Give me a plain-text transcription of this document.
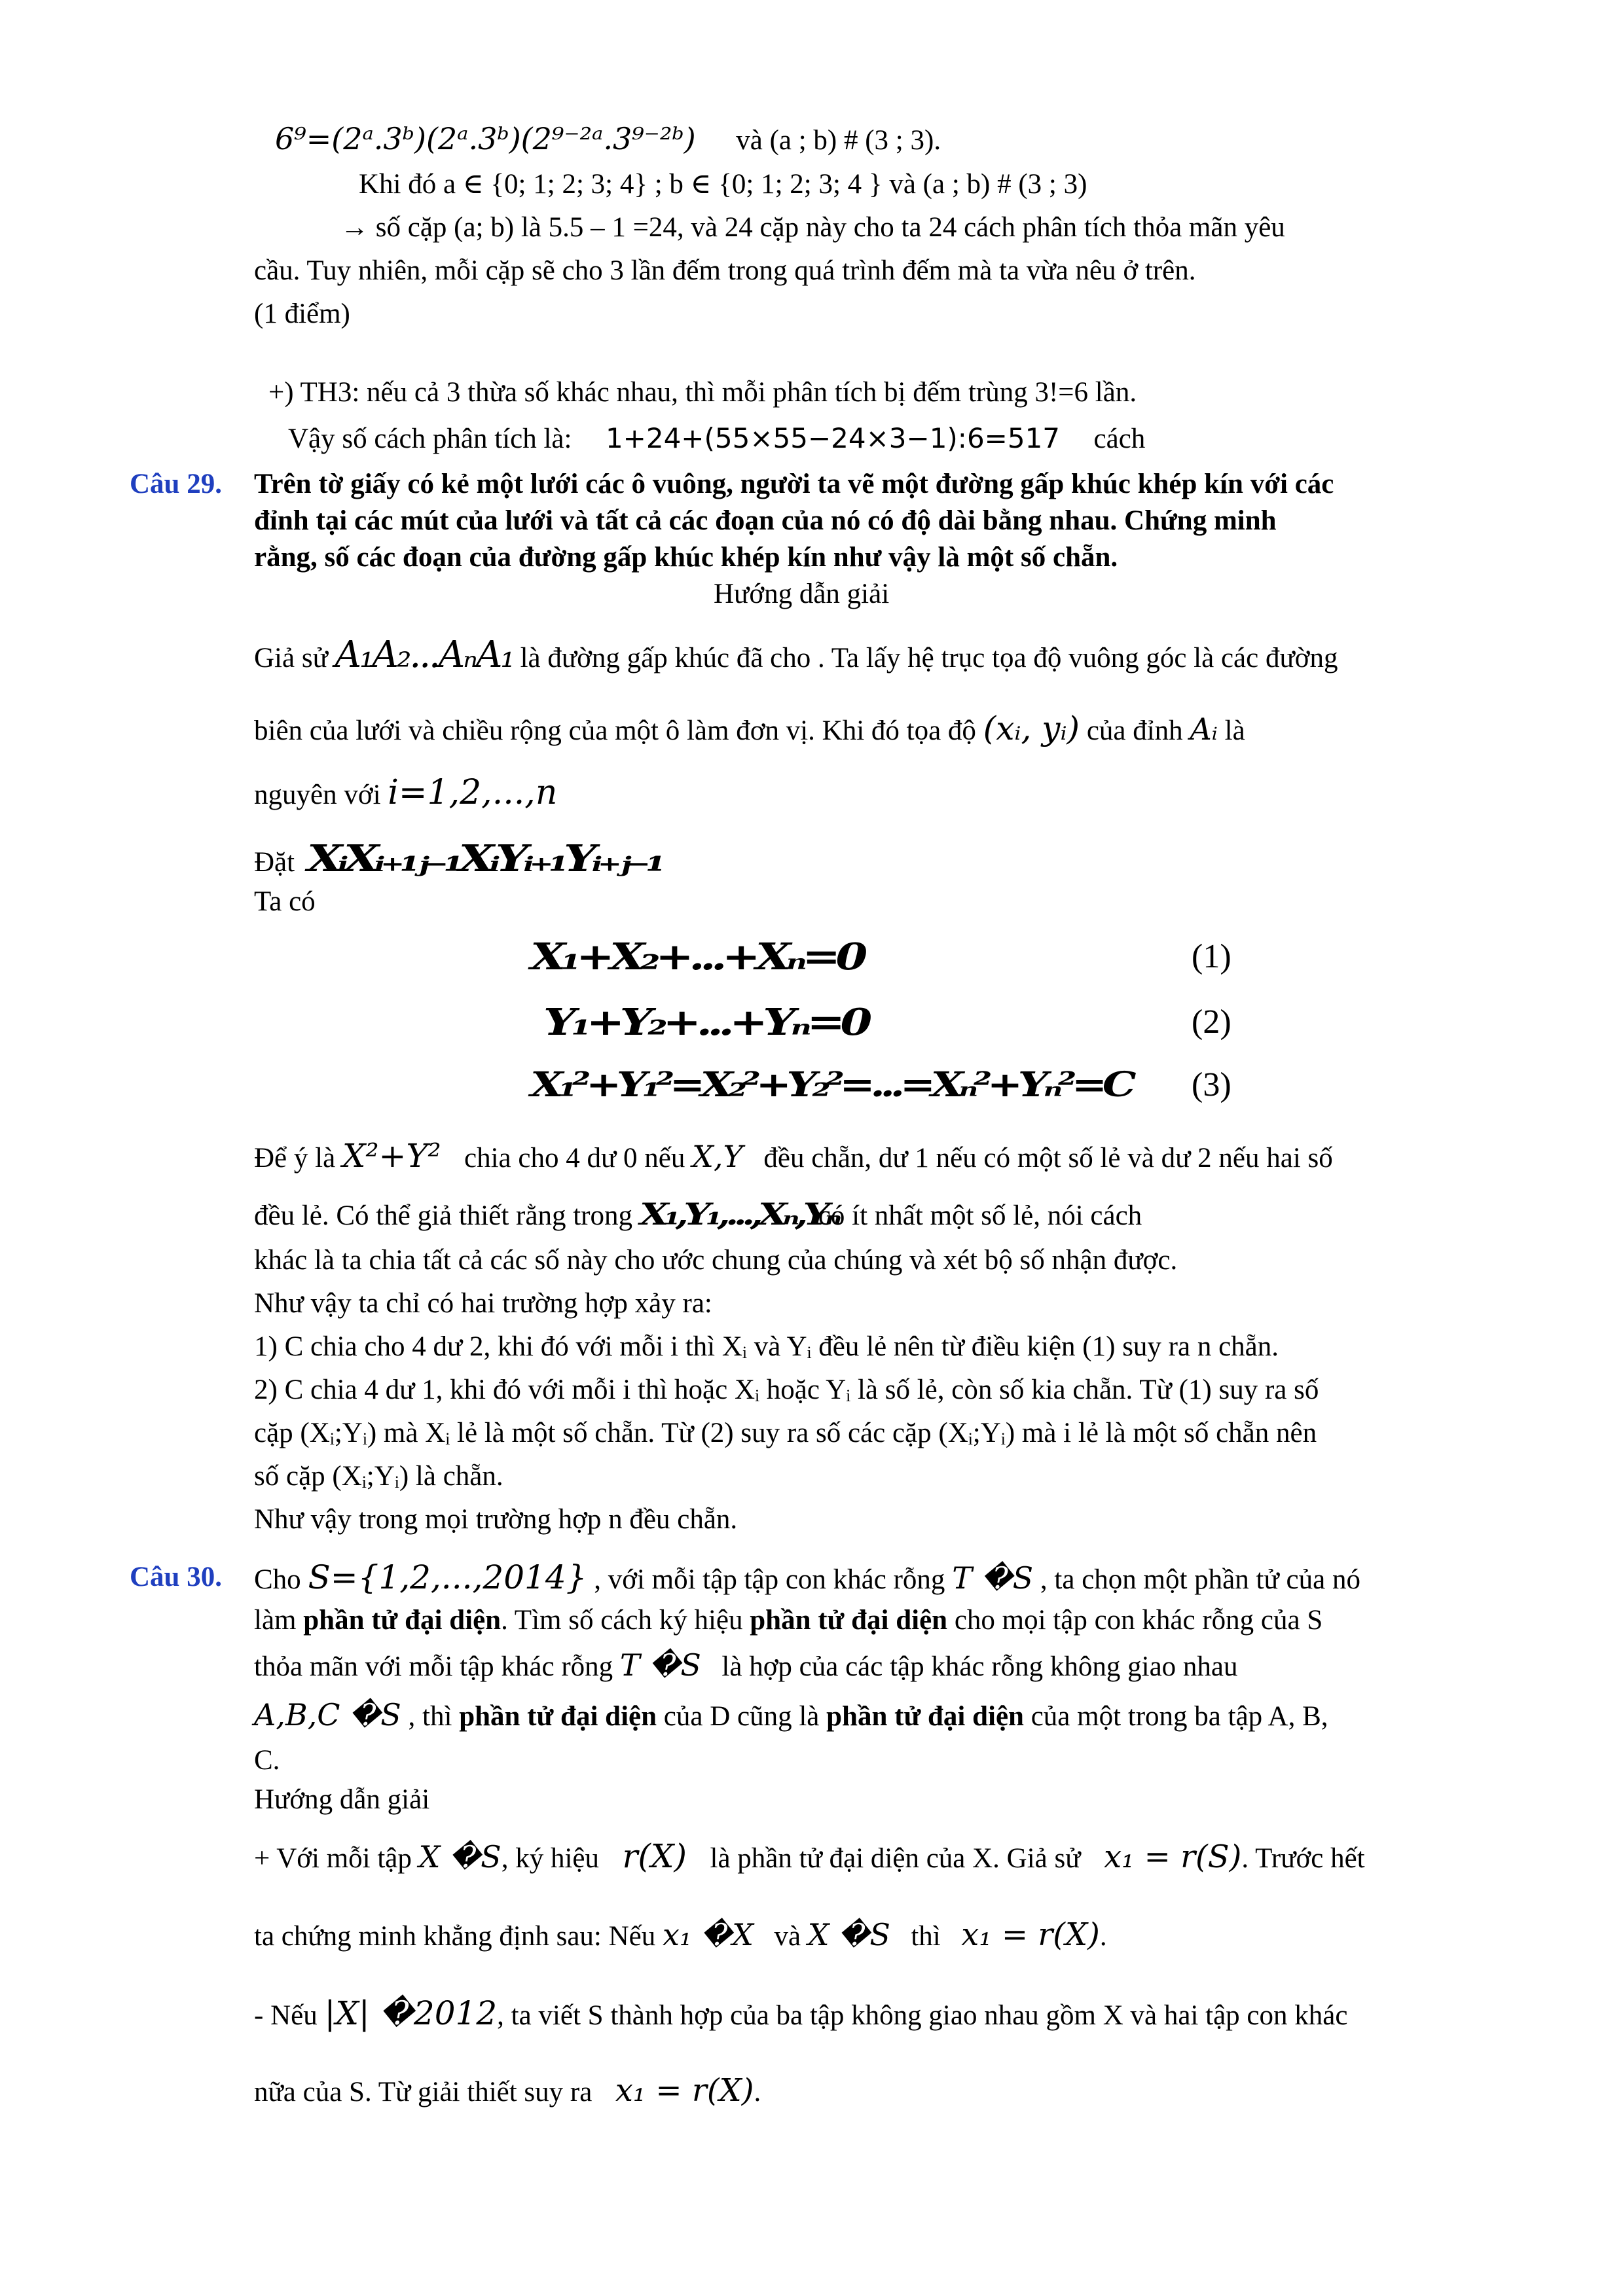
6⁹=(2ᵃ.3ᵇ)(2ᵃ.3ᵇ)(2⁹⁻²ᵃ.3⁹⁻²ᵇ) và (a ; b) # (3 ; 3).
Khi đó a ∈ {0; 1; 2; 3; 4} ; b ∈ {0; 1; 2; 3; 4 } và (a ; b) # (3 ; 3)
→ số cặp (a; b) là 5.5 – 1 =24, và 24 cặp này cho ta 24 cách phân tích thỏa mãn yêu
cầu. Tuy nhiên, mỗi cặp sẽ cho 3 lần đếm trong quá trình đếm mà ta vừa nêu ở trên.
(1 điểm)
+) TH3: nếu cả 3 thừa số khác nhau, thì mỗi phân tích bị đếm trùng 3!=6 lần.
Vậy số cách phân tích là: 1+24+(55×55−24×3−1):6=517 cách
Câu 29. Trên tờ giấy có kẻ một lưới các ô vuông, người ta vẽ một đường gấp khúc khép kín với các
đỉnh tại các mút của lưới và tất cả các đoạn của nó có độ dài bằng nhau. Chứng minh
rằng, số các đoạn của đường gấp khúc khép kín như vậy là một số chẵn.
Hướng dẫn giải
Giả sử A₁A₂...AₙA₁ là đường gấp khúc đã cho . Ta lấy hệ trục tọa độ vuông góc là các đường
biên của lưới và chiều rộng của một ô làm đơn vị. Khi đó tọa độ (xᵢ, yᵢ) của đỉnh Aᵢ là
nguyên với i=1,2,...,n
Đặt XᵢXᵢ₊₁ⱼ₋₁XᵢYᵢ₊₁Yᵢ₊ⱼ₋₁
Ta có
X₁+X₂+...+Xₙ=0	(1)
Y₁+Y₂+...+Yₙ=0	(2)
X₁²+Y₁²=X₂²+Y₂²=...=Xₙ²+Yₙ²=C (3)
Để ý là X²+Y² chia cho 4 dư 0 nếu X,Y đều chẵn, dư 1 nếu có một số lẻ và dư 2 nếu hai số
đều lẻ. Có thể giả thiết rằng trong X₁,Y₁,...,Xₙ,Yₙ  có ít nhất một số lẻ, nói cách
khác là ta chia tất cả các số này cho ước chung của chúng và xét bộ số nhận được.
Như vậy ta chỉ có hai trường hợp xảy ra:
1) C chia cho 4 dư 2, khi đó với mỗi i thì Xᵢ và Yᵢ đều lẻ nên từ điều kiện (1) suy ra n chẵn.
2) C chia 4 dư 1, khi đó với mỗi i thì hoặc Xᵢ hoặc Yᵢ là số lẻ, còn số kia chẵn. Từ (1) suy ra số
cặp (Xᵢ;Yᵢ) mà Xᵢ lẻ là một số chẵn. Từ (2) suy ra số các cặp (Xᵢ;Yᵢ) mà i lẻ là một số chẵn nên
số cặp (Xᵢ;Yᵢ) là chẵn.
Như vậy trong mọi trường hợp n đều chẵn.
Câu 30. Cho S={1,2,...,2014} , với mỗi tập tập con khác rỗng T �S , ta chọn một phần tử của nó
làm phần tử đại diện. Tìm số cách ký hiệu phần tử đại diện cho mọi tập con khác rỗng của S
thỏa mãn với mỗi tập khác rỗng T �S là hợp của các tập khác rỗng không giao nhau
A,B,C �S , thì phần tử đại diện của D cũng là phần tử đại diện của một trong ba tập A, B,
C.
Hướng dẫn giải
+ Với mỗi tập X �S, ký hiệu r(X) là phần tử đại diện của X. Giả sử x₁ = r(S). Trước hết
ta chứng minh khẳng định sau: Nếu x₁ �X và X �S thì x₁ = r(X).
- Nếu |X| �2012, ta viết S thành hợp của ba tập không giao nhau gồm X và hai tập con khác
nữa của S. Từ giải thiết suy ra x₁ = r(X).
